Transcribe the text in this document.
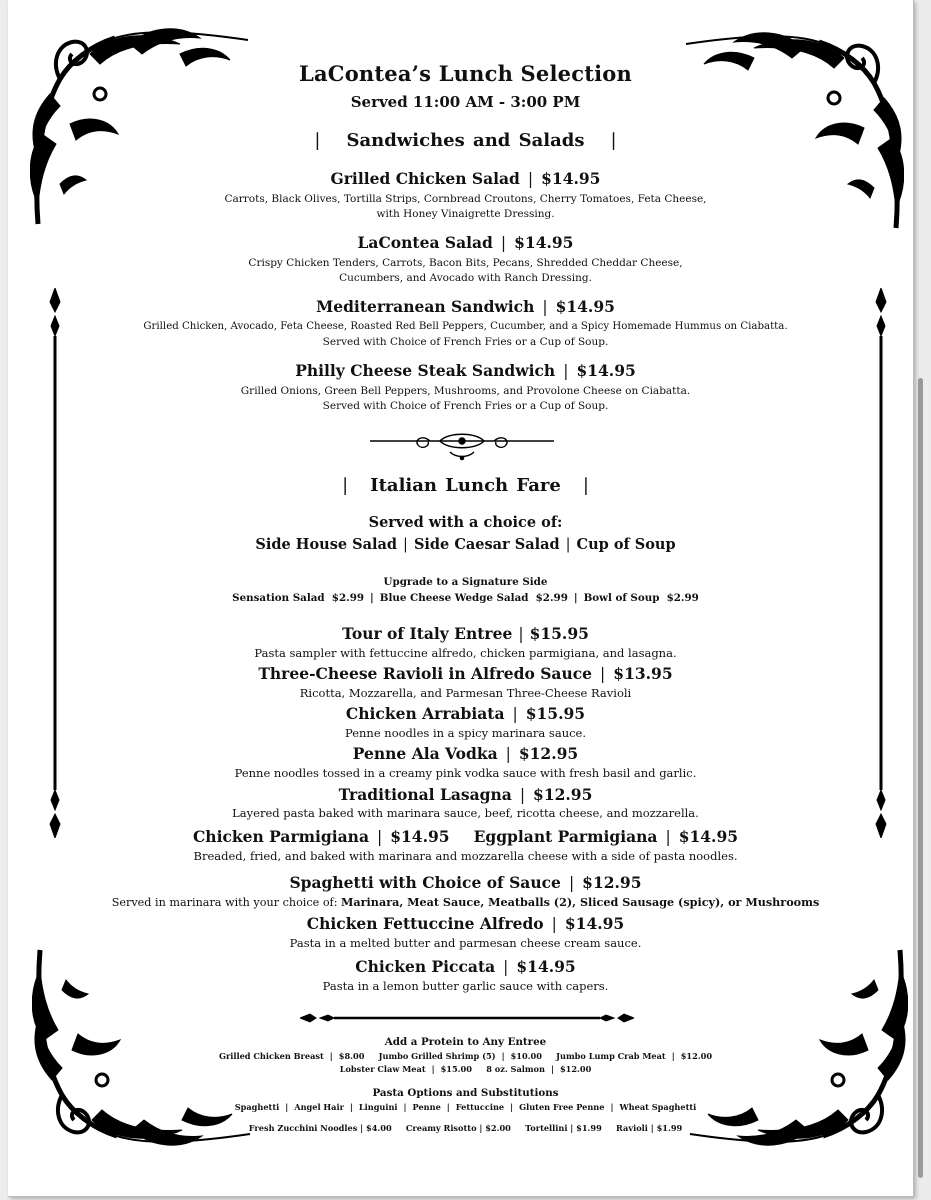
LaContea’s Lunch Selection
Served 11:00 AM - 3:00 PM
| Sandwiches and Salads |
Grilled Chicken Salad | $14.95
Carrots, Black Olives, Tortilla Strips, Cornbread Croutons, Cherry Tomatoes, Feta Cheese,
with Honey Vinaigrette Dressing.
LaContea Salad | $14.95
Crispy Chicken Tenders, Carrots, Bacon Bits, Pecans, Shredded Cheddar Cheese,
Cucumbers, and Avocado with Ranch Dressing.
Mediterranean Sandwich | $14.95
Grilled Chicken, Avocado, Feta Cheese, Roasted Red Bell Peppers, Cucumber, and a Spicy Homemade Hummus on Ciabatta.
Served with Choice of French Fries or a Cup of Soup.
Philly Cheese Steak Sandwich | $14.95
Grilled Onions, Green Bell Peppers, Mushrooms, and Provolone Cheese on Ciabatta.
Served with Choice of French Fries or a Cup of Soup.
| Italian Lunch Fare |
Served with a choice of:
Side House Salad | Side Caesar Salad | Cup of Soup
Upgrade to a Signature Side
Sensation Salad $2.99 | Blue Cheese Wedge Salad $2.99 | Bowl of Soup $2.99
Tour of Italy Entree | $15.95
Pasta sampler with fettuccine alfredo, chicken parmigiana, and lasagna.
Three-Cheese Ravioli in Alfredo Sauce | $13.95
Ricotta, Mozzarella, and Parmesan Three-Cheese Ravioli
Chicken Arrabiata | $15.95
Penne noodles in a spicy marinara sauce.
Penne Ala Vodka | $12.95
Penne noodles tossed in a creamy pink vodka sauce with fresh basil and garlic.
Traditional Lasagna | $12.95
Layered pasta baked with marinara sauce, beef, ricotta cheese, and mozzarella.
Chicken Parmigiana | $14.95 Eggplant Parmigiana | $14.95
Breaded, fried, and baked with marinara and mozzarella cheese with a side of pasta noodles.
Spaghetti with Choice of Sauce | $12.95
Served in marinara with your choice of: Marinara, Meat Sauce, Meatballs (2), Sliced Sausage (spicy), or Mushrooms
Chicken Fettuccine Alfredo | $14.95
Pasta in a melted butter and parmesan cheese cream sauce.
Chicken Piccata | $14.95
Pasta in a lemon butter garlic sauce with capers.
Add a Protein to Any Entree
Grilled Chicken Breast | $8.00 Jumbo Grilled Shrimp (5) | $10.00 Jumbo Lump Crab Meat | $12.00
Lobster Claw Meat | $15.00 8 oz. Salmon | $12.00
Pasta Options and Substitutions
Spaghetti | Angel Hair | Linguini | Penne | Fettuccine | Gluten Free Penne | Wheat Spaghetti
Fresh Zucchini Noodles | $4.00 Creamy Risotto | $2.00 Tortellini | $1.99 Ravioli | $1.99
